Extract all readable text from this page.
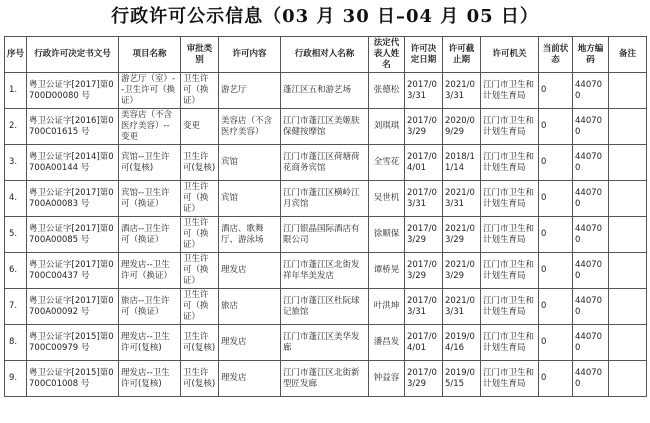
行政许可公示信息（03 月 30 日–04 月 05 日）
序号	行政许可决定书文号	项目名称	审批类别	许可内容	行政相对人名称	法定代表人姓名	许可决定日期	许可截止期	许可机关	当前状态	地方编码	备注
1.	粤卫公证字[2017]第0700D00080 号	游艺厅（室）--卫生许可（换证）	卫生许可（换证）	游艺厅	蓬江区五和游艺场	张德松	2017/03/31	2021/03/31	江门市卫生和计划生育局	0	440700	
2.	粤卫公证字[2016]第0700C01615 号	美容店（不含医疗美容）--变更	变更	美容店（不含医疗美容）	江门市蓬江区美姬肤保健按摩馆	刘琪琪	2017/03/29	2020/09/29	江门市卫生和计划生育局	0	440700	
3.	粤卫公证字[2014]第0700A00144 号	宾馆--卫生许可(复核)	卫生许可(复核)	宾馆	江门市蓬江区荷塘荷花商务宾馆	全雪花	2017/04/01	2018/11/14	江门市卫生和计划生育局	0	440700	
4.	粤卫公证字[2017]第0700A00083 号	宾馆--卫生许可（换证）	卫生许可（换证）	宾馆	江门市蓬江区横岭江月宾馆	吴世机	2017/03/31	2021/03/31	江门市卫生和计划生育局	0	440700	
5.	粤卫公证字[2017]第0700A00085 号	酒店--卫生许可（换证）	卫生许可（换证）	酒店、歌舞厅、游泳场	江门银晶国际酒店有限公司	徐顺保	2017/03/29	2021/03/29	江门市卫生和计划生育局	0	440700	
6.	粤卫公证字[2017]第0700C00437 号	理发店--卫生许可（换证）	卫生许可（换证）	理发店	江门市蓬江区北街发祥年华美发店	谭桥晃	2017/03/29	2021/03/29	江门市卫生和计划生育局	0	440700	
7.	粤卫公证字[2017]第0700A00092 号	旅店--卫生许可（换证）	卫生许可（换证）	旅店	江门市蓬江区杜阮球记旅馆	叶洪坤	2017/03/31	2021/03/31	江门市卫生和计划生育局	0	440700	
8.	粤卫公证字[2015]第0700C00979 号	理发店--卫生许可(复核)	卫生许可(复核)	理发店	江门市蓬江区美华发廊	潘昌发	2017/04/01	2019/04/16	江门市卫生和计划生育局	0	440700	
9.	粤卫公证字[2015]第0700C01008 号	理发店--卫生许可(复核)	卫生许可(复核)	理发店	江门市蓬江区北街新型匠发廊	钟益容	2017/03/29	2019/05/15	江门市卫生和计划生育局	0	440700	
